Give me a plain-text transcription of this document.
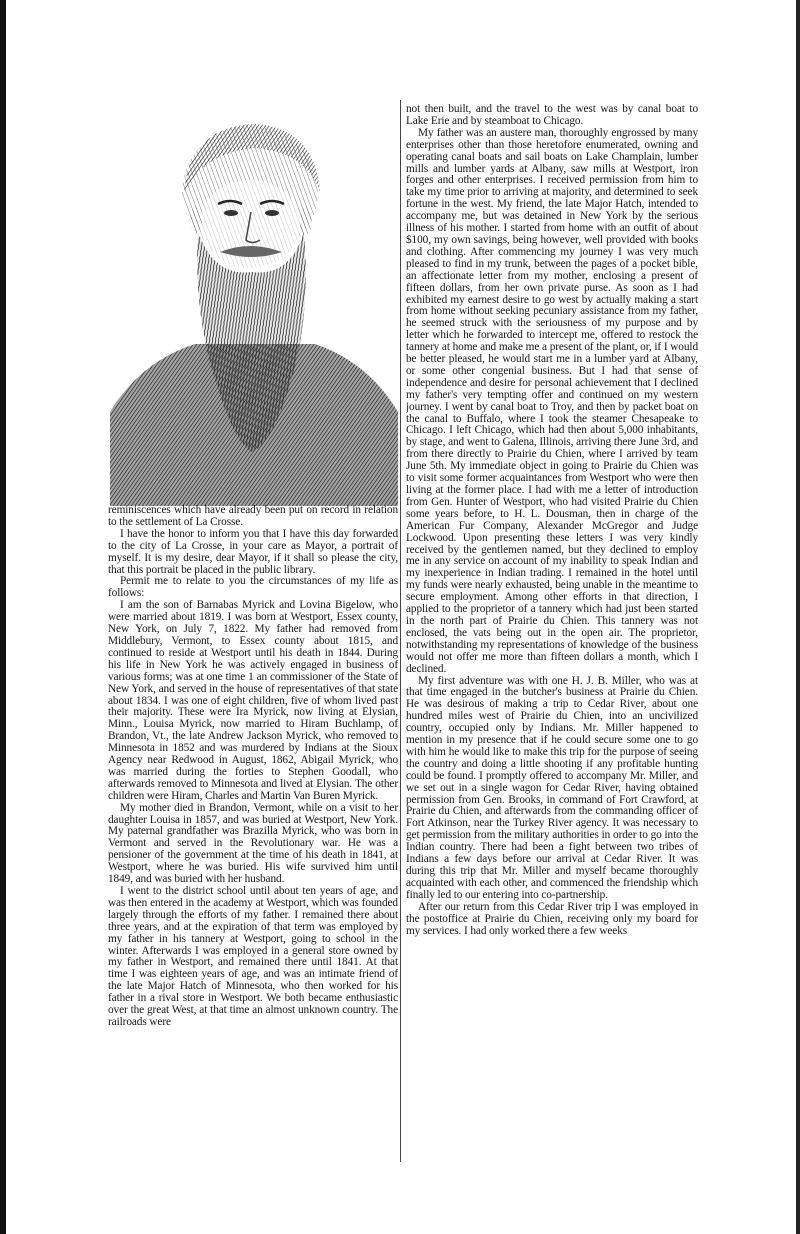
reminiscences which have already been put on record in relation to the settlement of La Crosse.

I have the honor to inform you that I have this day forwarded to the city of La Crosse, in your care as Mayor, a portrait of myself. It is my desire, dear Mayor, if it shall so please the city, that this portrait be placed in the public library.

Permit me to relate to you the circumstances of my life as follows:

I am the son of Barnabas Myrick and Lovina Bigelow, who were married about 1819. I was born at Westport, Essex county, New York, on July 7, 1822. My father had removed from Middlebury, Vermont, to Essex county about 1815, and continued to reside at Westport until his death in 1844. During his life in New York he was actively engaged in business of various forms; was at one time 1 an commissioner of the State of New York, and served in the house of representatives of that state about 1834. I was one of eight children, five of whom lived past their majority. These were Ira Myrick, now living at Elysian, Minn., Louisa Myrick, now married to Hiram Buchlamp, of Brandon, Vt., the late Andrew Jackson Myrick, who removed to Minnesota in 1852 and was murdered by Indians at the Sioux Agency near Redwood in August, 1862, Abigail Myrick, who was married during the forties to Stephen Goodall, who afterwards removed to Minnesota and lived at Elysian. The other children were Hiram, Charles and Martin Van Buren Myrick.

My mother died in Brandon, Vermont, while on a visit to her daughter Louisa in 1857, and was buried at Westport, New York. My paternal grandfather was Brazilla Myrick, who was born in Vermont and served in the Revolutionary war. He was a pensioner of the government at the time of his death in 1841, at Westport, where he was buried. His wife survived him until 1849, and was buried with her husband.

I went to the district school until about ten years of age, and was then entered in the academy at Westport, which was founded largely through the efforts of my father. I remained there about three years, and at the expiration of that term was employed by my father in his tannery at Westport, going to school in the winter. Afterwards I was employed in a general store owned by my father in Westport, and remained there until 1841. At that time I was eighteen years of age, and was an intimate friend of the late Major Hatch of Minnesota, who then worked for his father in a rival store in Westport. We both became enthusiastic over the great West, at that time an almost unknown country. The railroads were

not then built, and the travel to the west was by canal boat to Lake Erie and by steamboat to Chicago.

My father was an austere man, thoroughly engrossed by many enterprises other than those heretofore enumerated, owning and operating canal boats and sail boats on Lake Champlain, lumber mills and lumber yards at Albany, saw mills at Westport, iron forges and other enterprises. I received permission from him to take my time prior to arriving at majority, and determined to seek fortune in the west. My friend, the late Major Hatch, intended to accompany me, but was detained in New York by the serious illness of his mother. I started from home with an outfit of about $100, my own savings, being however, well provided with books and clothing. After commencing my journey I was very much pleased to find in my trunk, between the pages of a pocket bible, an affectionate letter from my mother, enclosing a present of fifteen dollars, from her own private purse. As soon as I had exhibited my earnest desire to go west by actually making a start from home without seeking pecuniary assistance from my father, he seemed struck with the seriousness of my purpose and by letter which he forwarded to intercept me, offered to restock the tannery at home and make me a present of the plant, or, if I would be better pleased, he would start me in a lumber yard at Albany, or some other congenial business. But I had that sense of independence and desire for personal achievement that I declined my father's very tempting offer and continued on my western journey. I went by canal boat to Troy, and then by packet boat on the canal to Buffalo, where I took the steamer Chesapeake to Chicago. I left Chicago, which had then about 5,000 inhabitants, by stage, and went to Galena, Illinois, arriving there June 3rd, and from there directly to Prairie du Chien, where I arrived by team June 5th. My immediate object in going to Prairie du Chien was to visit some former acquaintances from Westport who were then living at the former place. I had with me a letter of introduction from Gen. Hunter of Westport, who had visited Prairie du Chien some years before, to H. L. Dousman, then in charge of the American Fur Company, Alexander McGregor and Judge Lockwood. Upon presenting these letters I was very kindly received by the gentlemen named, but they declined to employ me in any service on account of my inability to speak Indian and my inexperience in Indian trading. I remained in the hotel until my funds were nearly exhausted, being unable in the meantime to secure employment. Among other efforts in that direction, I applied to the proprietor of a tannery which had just been started in the north part of Prairie du Chien. This tannery was not enclosed, the vats being out in the open air. The proprietor, notwithstanding my representations of knowledge of the business would not offer me more than fifteen dollars a month, which I declined.

My first adventure was with one H. J. B. Miller, who was at that time engaged in the butcher's business at Prairie du Chien. He was desirous of making a trip to Cedar River, about one hundred miles west of Prairie du Chien, into an uncivilized country, occupied only by Indians. Mr. Miller happened to mention in my presence that if he could secure some one to go with him he would like to make this trip for the purpose of seeing the country and doing a little shooting if any profitable hunting could be found. I promptly offered to accompany Mr. Miller, and we set out in a single wagon for Cedar River, having obtained permission from Gen. Brooks, in command of Fort Crawford, at Prairie du Chien, and afterwards from the commanding officer of Fort Atkinson, near the Turkey River agency. It was necessary to get permission from the military authorities in order to go into the Indian country. There had been a fight between two tribes of Indians a few days before our arrival at Cedar River. It was during this trip that Mr. Miller and myself became thoroughly acquainted with each other, and commenced the friendship which finally led to our entering into co-partnership.

After our return from this Cedar River trip I was employed in the postoffice at Prairie du Chien, receiving only my board for my services. I had only worked there a few weeks
